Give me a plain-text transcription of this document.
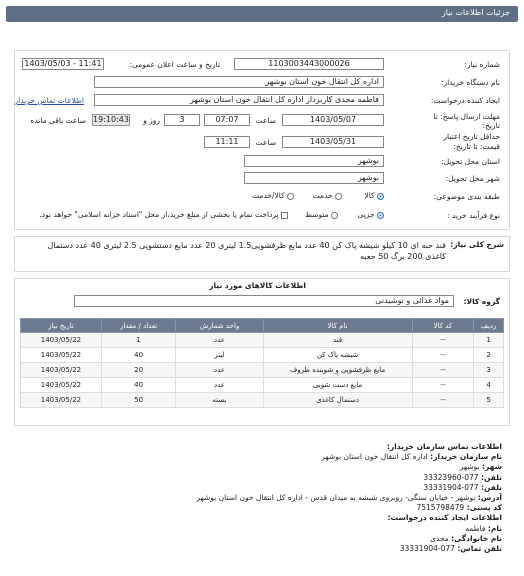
جزئیات اطلاعات نیاز
شماره نیاز:
1103003443000026
تاریخ و ساعت اعلان عمومی:
1403/05/03 - 11:41
نام دستگاه خریدار:
اداره کل انتقال خون استان بوشهر
ایجاد کننده درخواست:
فاطمه مجدی کاربرداز اداره کل انتقال خون استان بوشهر
اطلاعات تماس خریدار
مهلت ارسال پاسخ: تا
تاریخ:
1403/05/07
ساعت
07:07
3
روز و
19:10:43
ساعت باقی مانده
حداقل تاریخ اعتبار
قیمت: تا تاریخ:
1403/05/31
ساعت
11:11
استان محل تحویل:
بوشهر
شهر محل تحویل:
بوشهر
طبقه بندی موضوعی:
کالا
خدمت
کالا/خدمت
نوع فرآیند خرید :
جزیی
متوسط
پرداخت تمام یا بخشی از مبلغ خرید،از محل "اسناد خزانه اسلامی" خواهد بود.
شرح کلی نیاز:
قند حبه ای 10 کیلو شیشه پاک کن 40 عدد مایع ظرفشویی1.5 لیتری 20 عدد مایع دستشویی 2.5 لیتری 40 عدد دستمال کاغذی 200 برگ 50 جعبه
اطلاعات کالاهای مورد نیاز
گروه کالا:
مواد غذائی و نوشیدنی
ردیف	کد کالا	نام کالا	واحد شمارش	تعداد / مقدار	تاریخ نیاز
1	--	قند	عدد	1	1403/05/22
2	--	شیشه پاک کن	لیتر	40	1403/05/22
3	--	مایع ظرفشویی و شوینده ظروف	عدد	20	1403/05/22
4	--	مایع دست شویی	عدد	40	1403/05/22
5	--	دستمال کاغذی	بسته	50	1403/05/22
اطلاعات تماس سازمان خریدار:
نام سازمان خریدار: اداره کل انتقال خون استان بوشهر
شهر: بوشهر
تلفن: 077-33323960
تلفن: 077-33331904
آدرس: بوشهر - خیابان سنگی- روبروی شیشه به میدان قدس - اداره کل انتقال خون استان بوشهر
کد پستی: 7515798479
اطلاعات ایجاد کننده درخواست:
نام: فاطمه
نام خانوادگی: مجدی
تلفن تماس: 077-33331904
